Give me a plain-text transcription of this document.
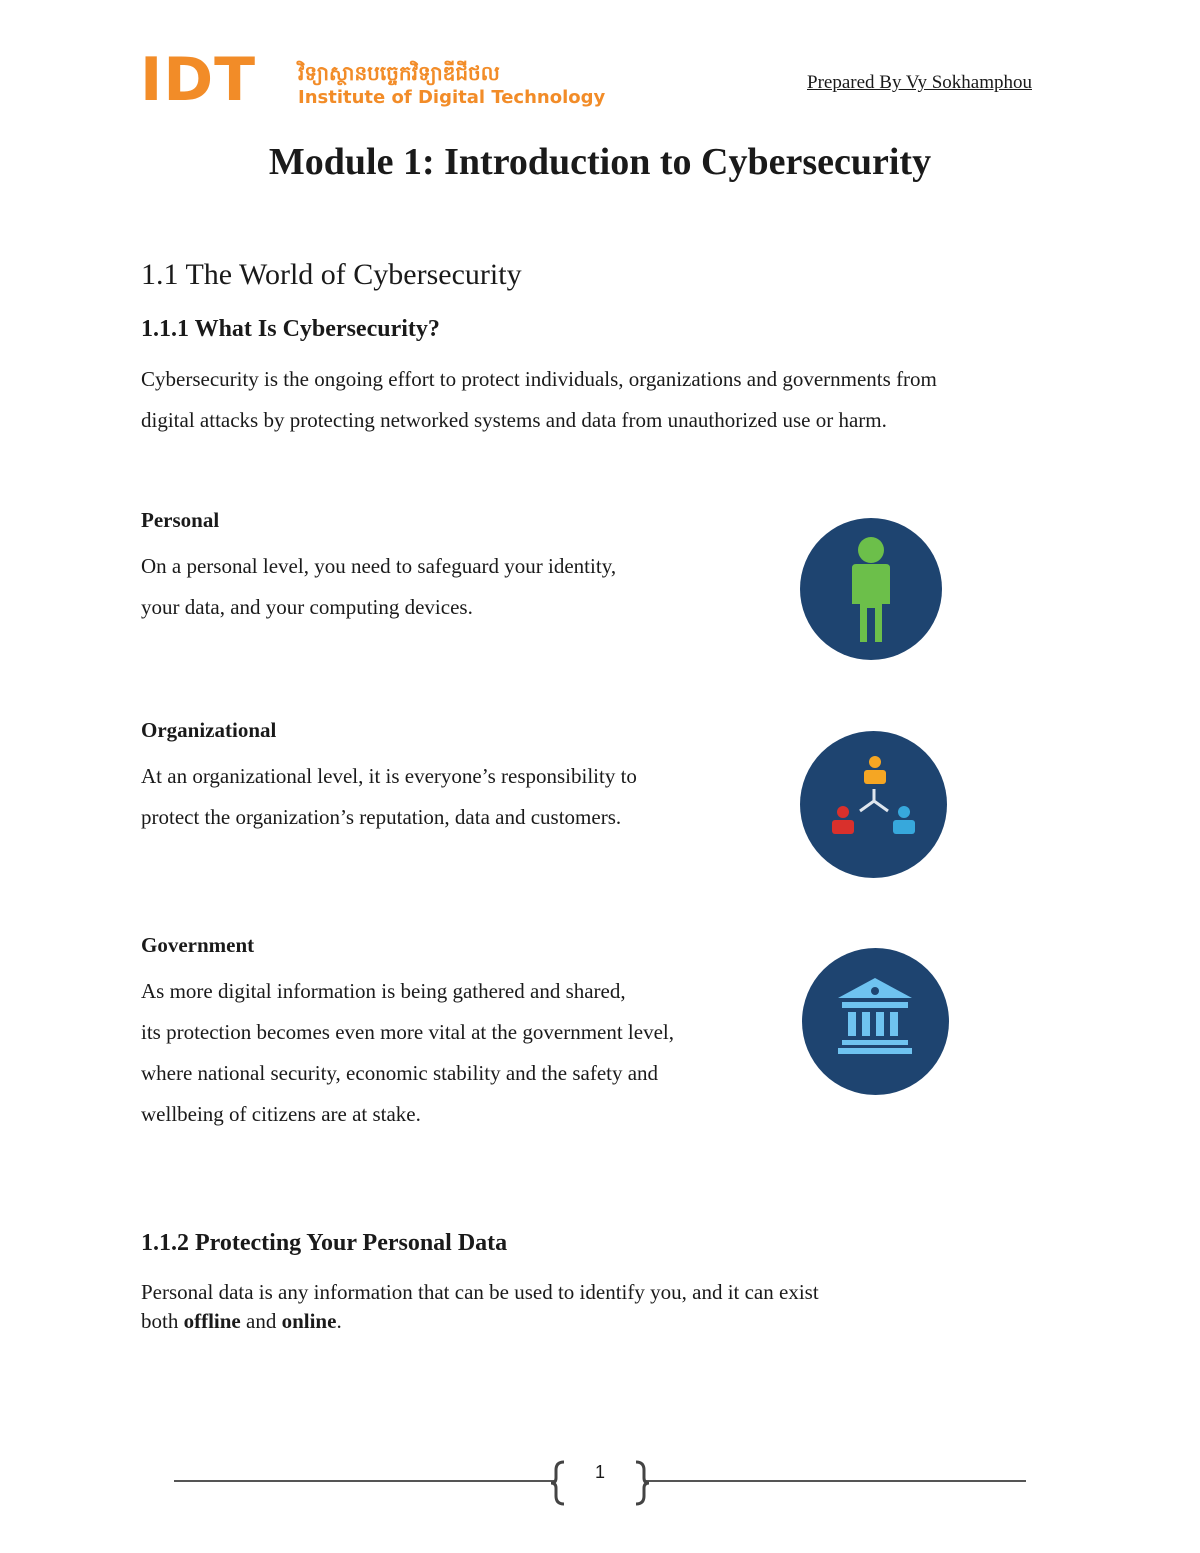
IDT វិទ្យាស្ថានបច្ចេកវិទ្យាឌីជីថល
Institute of Digital Technology
Prepared By Vy Sokhamphou
Module 1: Introduction to Cybersecurity
1.1 The World of Cybersecurity
1.1.1 What Is Cybersecurity?
Cybersecurity is the ongoing effort to protect individuals, organizations and governments from
digital attacks by protecting networked systems and data from unauthorized use or harm.
Personal
On a personal level, you need to safeguard your identity,
your data, and your computing devices.
Organizational
At an organizational level, it is everyone’s responsibility to
protect the organization’s reputation, data and customers.
Government
As more digital information is being gathered and shared,
its protection becomes even more vital at the government level,
where national security, economic stability and the safety and
wellbeing of citizens are at stake.
1.1.2 Protecting Your Personal Data
Personal data is any information that can be used to identify you, and it can exist
both offline and online.
1
